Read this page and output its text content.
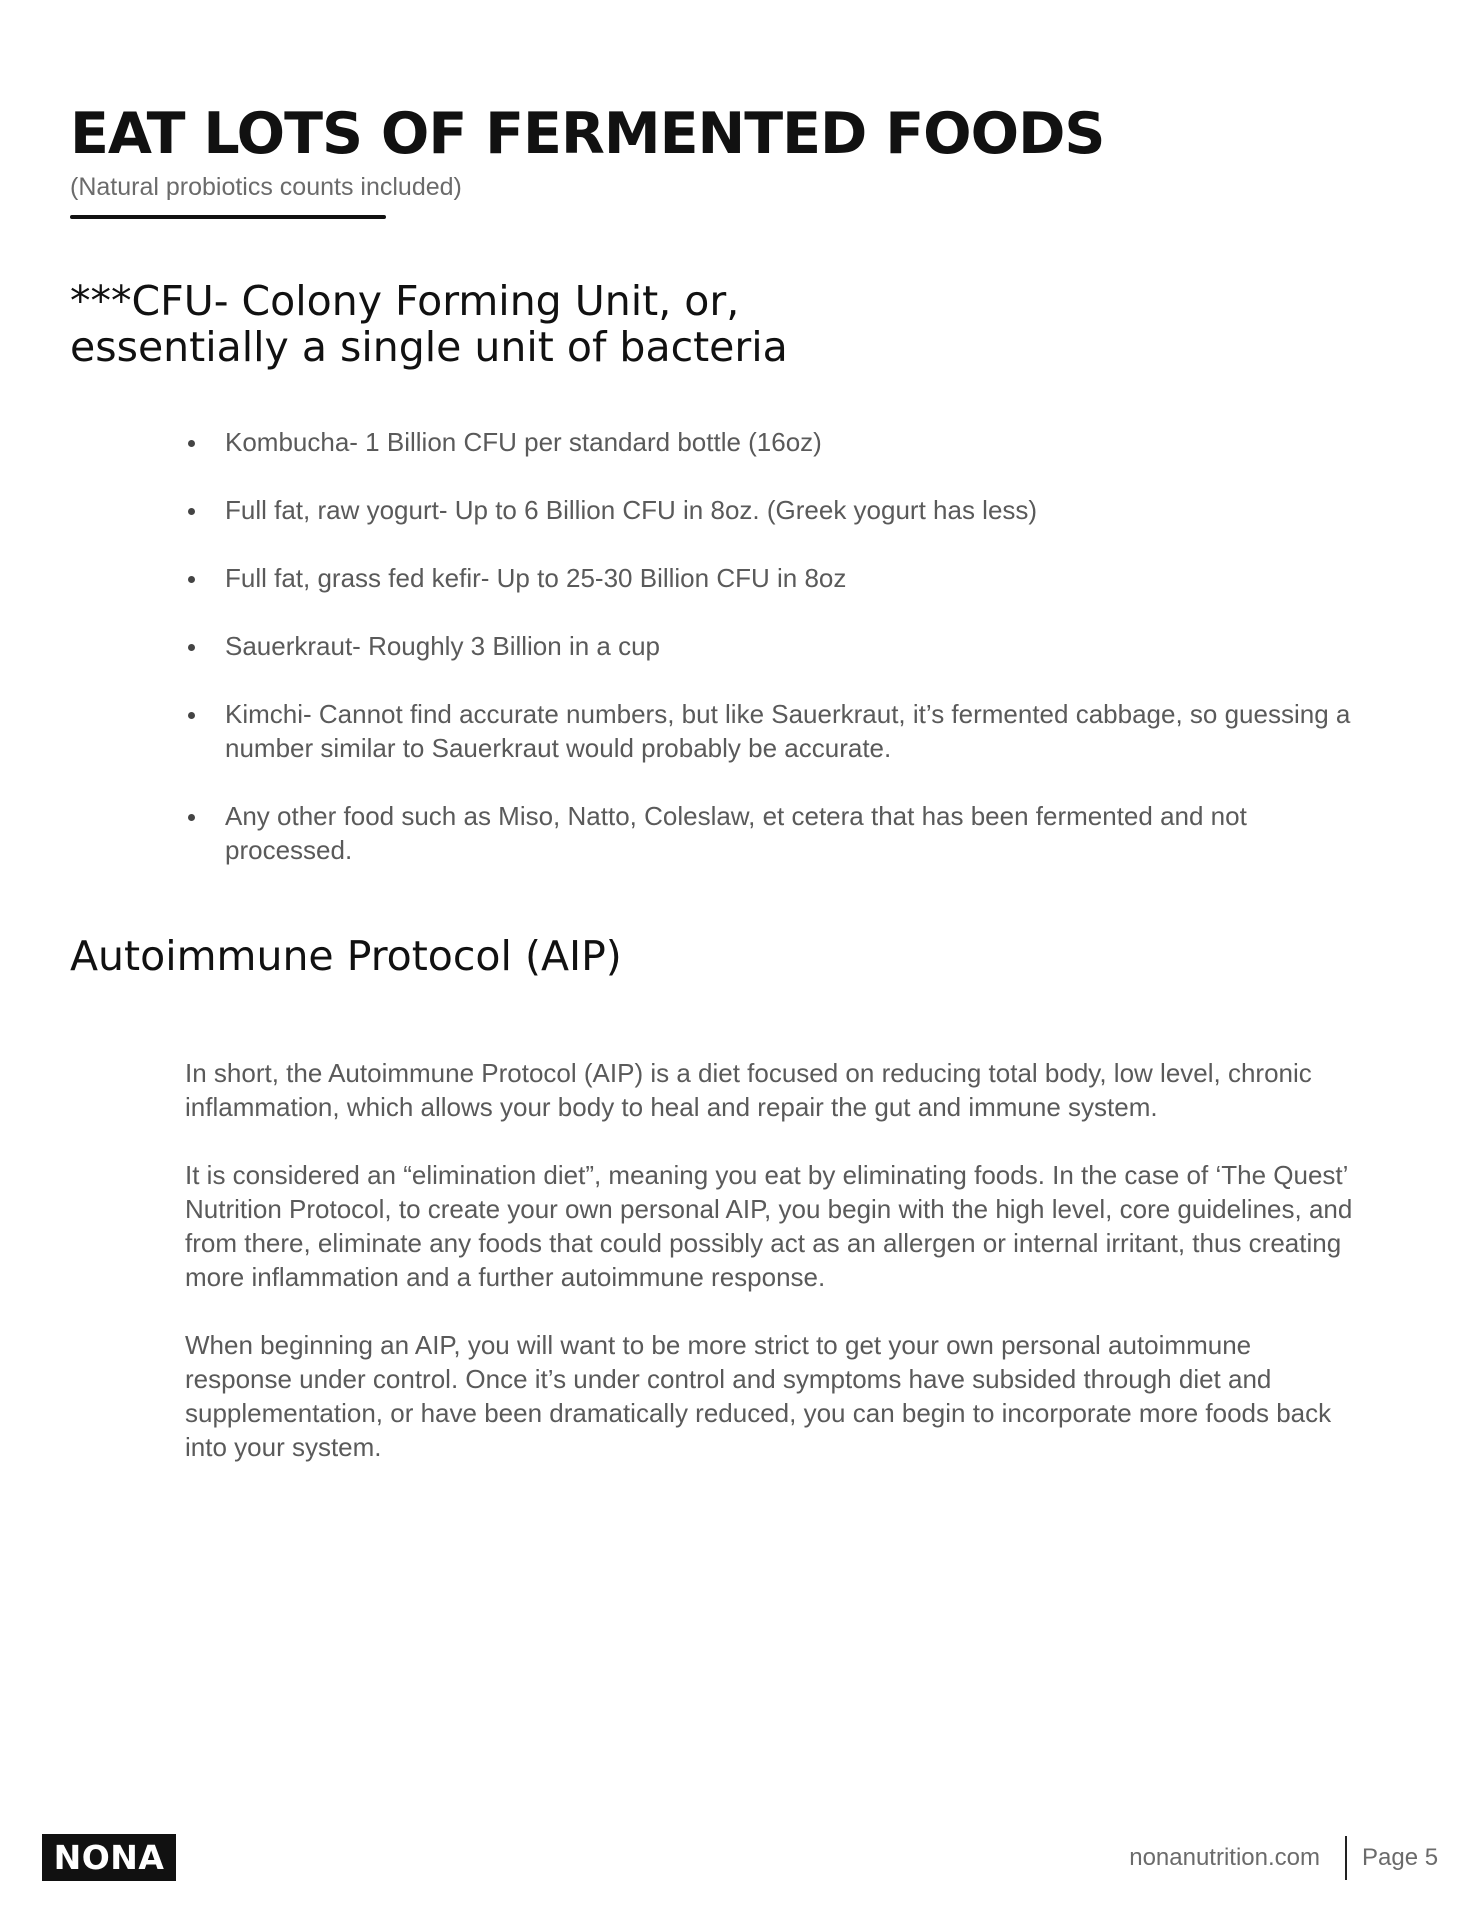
EAT LOTS OF FERMENTED FOODS
(Natural probiotics counts included)
***CFU- Colony Forming Unit, or,
essentially a single unit of bacteria
Kombucha- 1 Billion CFU per standard bottle (16oz)
Full fat, raw yogurt- Up to 6 Billion CFU in 8oz. (Greek yogurt has less)
Full fat, grass fed kefir- Up to 25-30 Billion CFU in 8oz
Sauerkraut- Roughly 3 Billion in a cup
Kimchi- Cannot find accurate numbers, but like Sauerkraut, it’s fermented cabbage, so guessing a number similar to Sauerkraut would probably be accurate.
Any other food such as Miso, Natto, Coleslaw, et cetera that has been fermented and not processed.
Autoimmune Protocol (AIP)

In short, the Autoimmune Protocol (AIP) is a diet focused on reducing total body, low level, chronic inflammation, which allows your body to heal and repair the gut and immune system.

It is considered an “elimination diet”, meaning you eat by eliminating foods. In the case of ‘The Quest’ Nutrition Protocol, to create your own personal AIP, you begin with the high level, core guidelines, and from there, eliminate any foods that could possibly act as an allergen or internal irritant, thus creating more inflammation and a further autoimmune response.

When beginning an AIP, you will want to be more strict to get your own personal autoimmune response under control. Once it’s under control and symptoms have subsided through diet and supplementation, or have been dramatically reduced, you can begin to incorporate more foods back into your system.

NONA	nonanutrition.com Page 5
